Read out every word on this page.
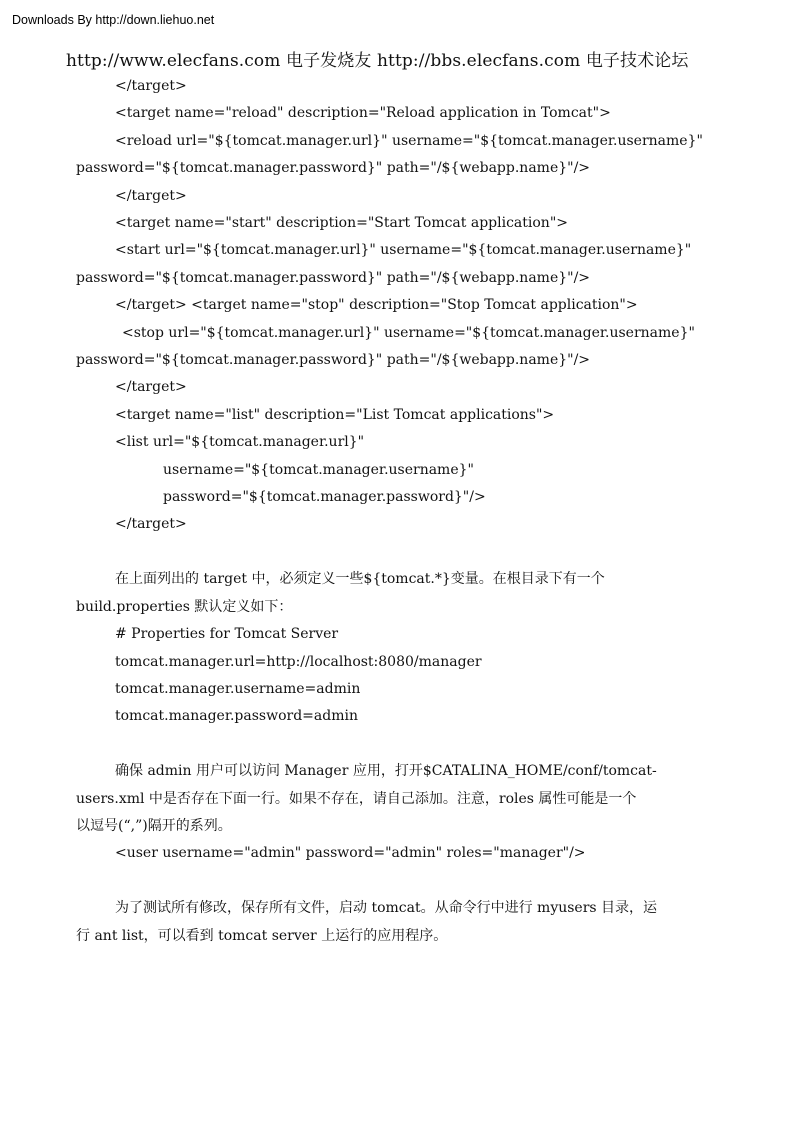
Downloads By http://down.liehuo.net
http://www.elecfans.com 电子发烧友 http://bbs.elecfans.com 电子技术论坛
</target>
<target name="reload" description="Reload application in Tomcat">
<reload url="${tomcat.manager.url}" username="${tomcat.manager.username}"
password="${tomcat.manager.password}" path="/${webapp.name}"/>
</target>
<target name="start" description="Start Tomcat application">
<start url="${tomcat.manager.url}" username="${tomcat.manager.username}"
password="${tomcat.manager.password}" path="/${webapp.name}"/>
</target> <target name="stop" description="Stop Tomcat application">
<stop url="${tomcat.manager.url}" username="${tomcat.manager.username}"
password="${tomcat.manager.password}" path="/${webapp.name}"/>
</target>
<target name="list" description="List Tomcat applications">
<list url="${tomcat.manager.url}"
username="${tomcat.manager.username}"
password="${tomcat.manager.password}"/>
</target>
在上面列出的 target 中，必须定义一些${tomcat.*}变量。在根目录下有一个
build.properties 默认定义如下：
# Properties for Tomcat Server
tomcat.manager.url=http://localhost:8080/manager
tomcat.manager.username=admin
tomcat.manager.password=admin
确保 admin 用户可以访问 Manager 应用，打开$CATALINA_HOME/conf/tomcat-
users.xml 中是否存在下面一行。如果不存在，请自己添加。注意，roles 属性可能是一个
以逗号(“,”)隔开的系列。
<user username="admin" password="admin" roles="manager"/>
为了测试所有修改，保存所有文件，启动 tomcat。从命令行中进行 myusers 目录，运
行 ant list，可以看到 tomcat server 上运行的应用程序。
